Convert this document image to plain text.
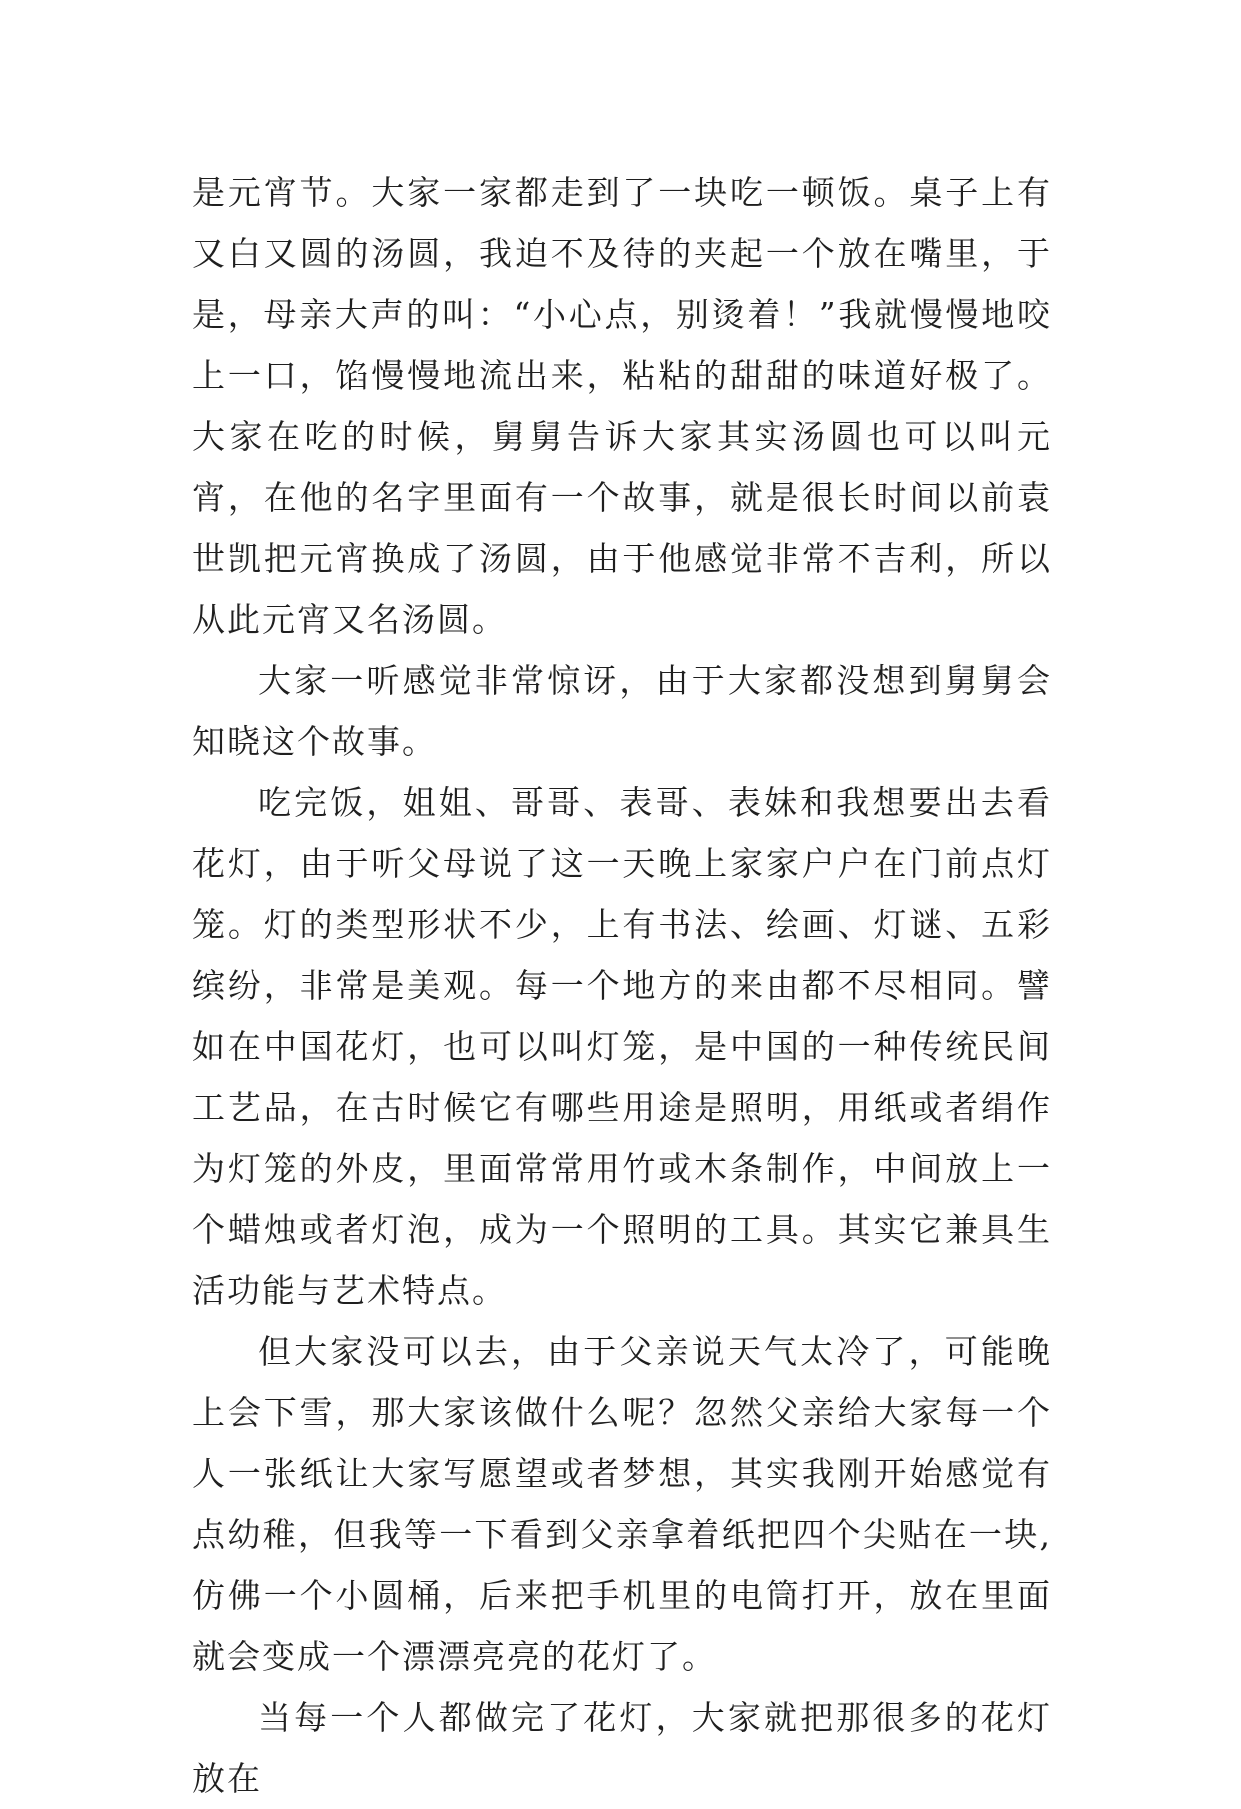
是元宵节。大家一家都走到了一块吃一顿饭。桌子上有又白又圆的汤圆，我迫不及待的夹起一个放在嘴里，于是，母亲大声的叫：“小心点，别烫着！”我就慢慢地咬上一口，馅慢慢地流出来，粘粘的甜甜的味道好极了。大家在吃的时候，舅舅告诉大家其实汤圆也可以叫元宵，在他的名字里面有一个故事，就是很长时间以前袁世凯把元宵换成了汤圆，由于他感觉非常不吉利，所以从此元宵又名汤圆。

大家一听感觉非常惊讶，由于大家都没想到舅舅会知晓这个故事。

吃完饭，姐姐、哥哥、表哥、表妹和我想要出去看花灯，由于听父母说了这一天晚上家家户户在门前点灯笼。灯的类型形状不少，上有书法、绘画、灯谜、五彩缤纷，非常是美观。每一个地方的来由都不尽相同。譬如在中国花灯，也可以叫灯笼，是中国的一种传统民间工艺品，在古时候它有哪些用途是照明，用纸或者绢作为灯笼的外皮，里面常常用竹或木条制作，中间放上一个蜡烛或者灯泡，成为一个照明的工具。其实它兼具生活功能与艺术特点。

但大家没可以去，由于父亲说天气太冷了，可能晚上会下雪，那大家该做什么呢？忽然父亲给大家每一个人一张纸让大家写愿望或者梦想，其实我刚开始感觉有点幼稚，但我等一下看到父亲拿着纸把四个尖贴在一块,仿佛一个小圆桶，后来把手机里的电筒打开，放在里面就会变成一个漂漂亮亮的花灯了。

当每一个人都做完了花灯，大家就把那很多的花灯放在
